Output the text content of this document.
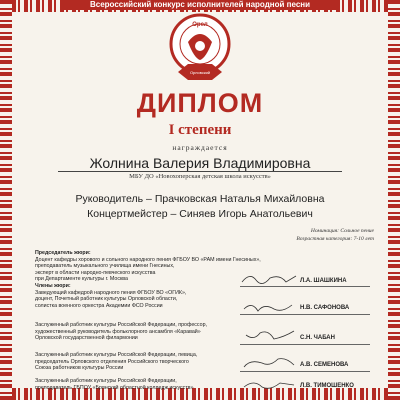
Всероссийский конкурс исполнителей народной песни
Орел
Орловский
ДИПЛОМ
I степени
награждается
Жолнина Валерия Владимировна
МБУ ДО «Новохоперская детская школа искусств»
Руководитель – Прачковская Наталья Михайловна
Концертмейстер – Синяев Игорь Анатольевич
Номинация: Сольное пение
Возрастная категория: 7-10 лет
Председатель жюри:
Доцент кафедры хорового и сольного народного пения ФГБОУ ВО «РАМ имени Гнесиных»,
преподаватель музыкального училища имени Гнесиных,
эксперт в области народно-певческого искусства
при Департаменте культуры г. Москва
Члены жюри:
Заведующий кафедрой народного пения ФГБОУ ВО «ОГИК»,
доцент, Почетный работник культуры Орловской области,
солистка военного оркестра Академии ФСО России
Заслуженный работник культуры Российской Федерации, профессор,
художественный руководитель фольклорного ансамбля «Каравай»
Орловской государственной филармонии
Заслуженный работник культуры Российской Федерации, певица,
председатель Орловского отделения Российского творческого
Союза работников культуры России
Заслуженный работник культуры Российской Федерации,
преподаватель ГБПОУ «Брянский областной колледж искусств»
Л.А. ШАШКИНА
Н.В. САФОНОВА
С.Н. ЧАБАН
А.В. СЕМЕНОВА
Л.В. ТИМОШЕНКО
